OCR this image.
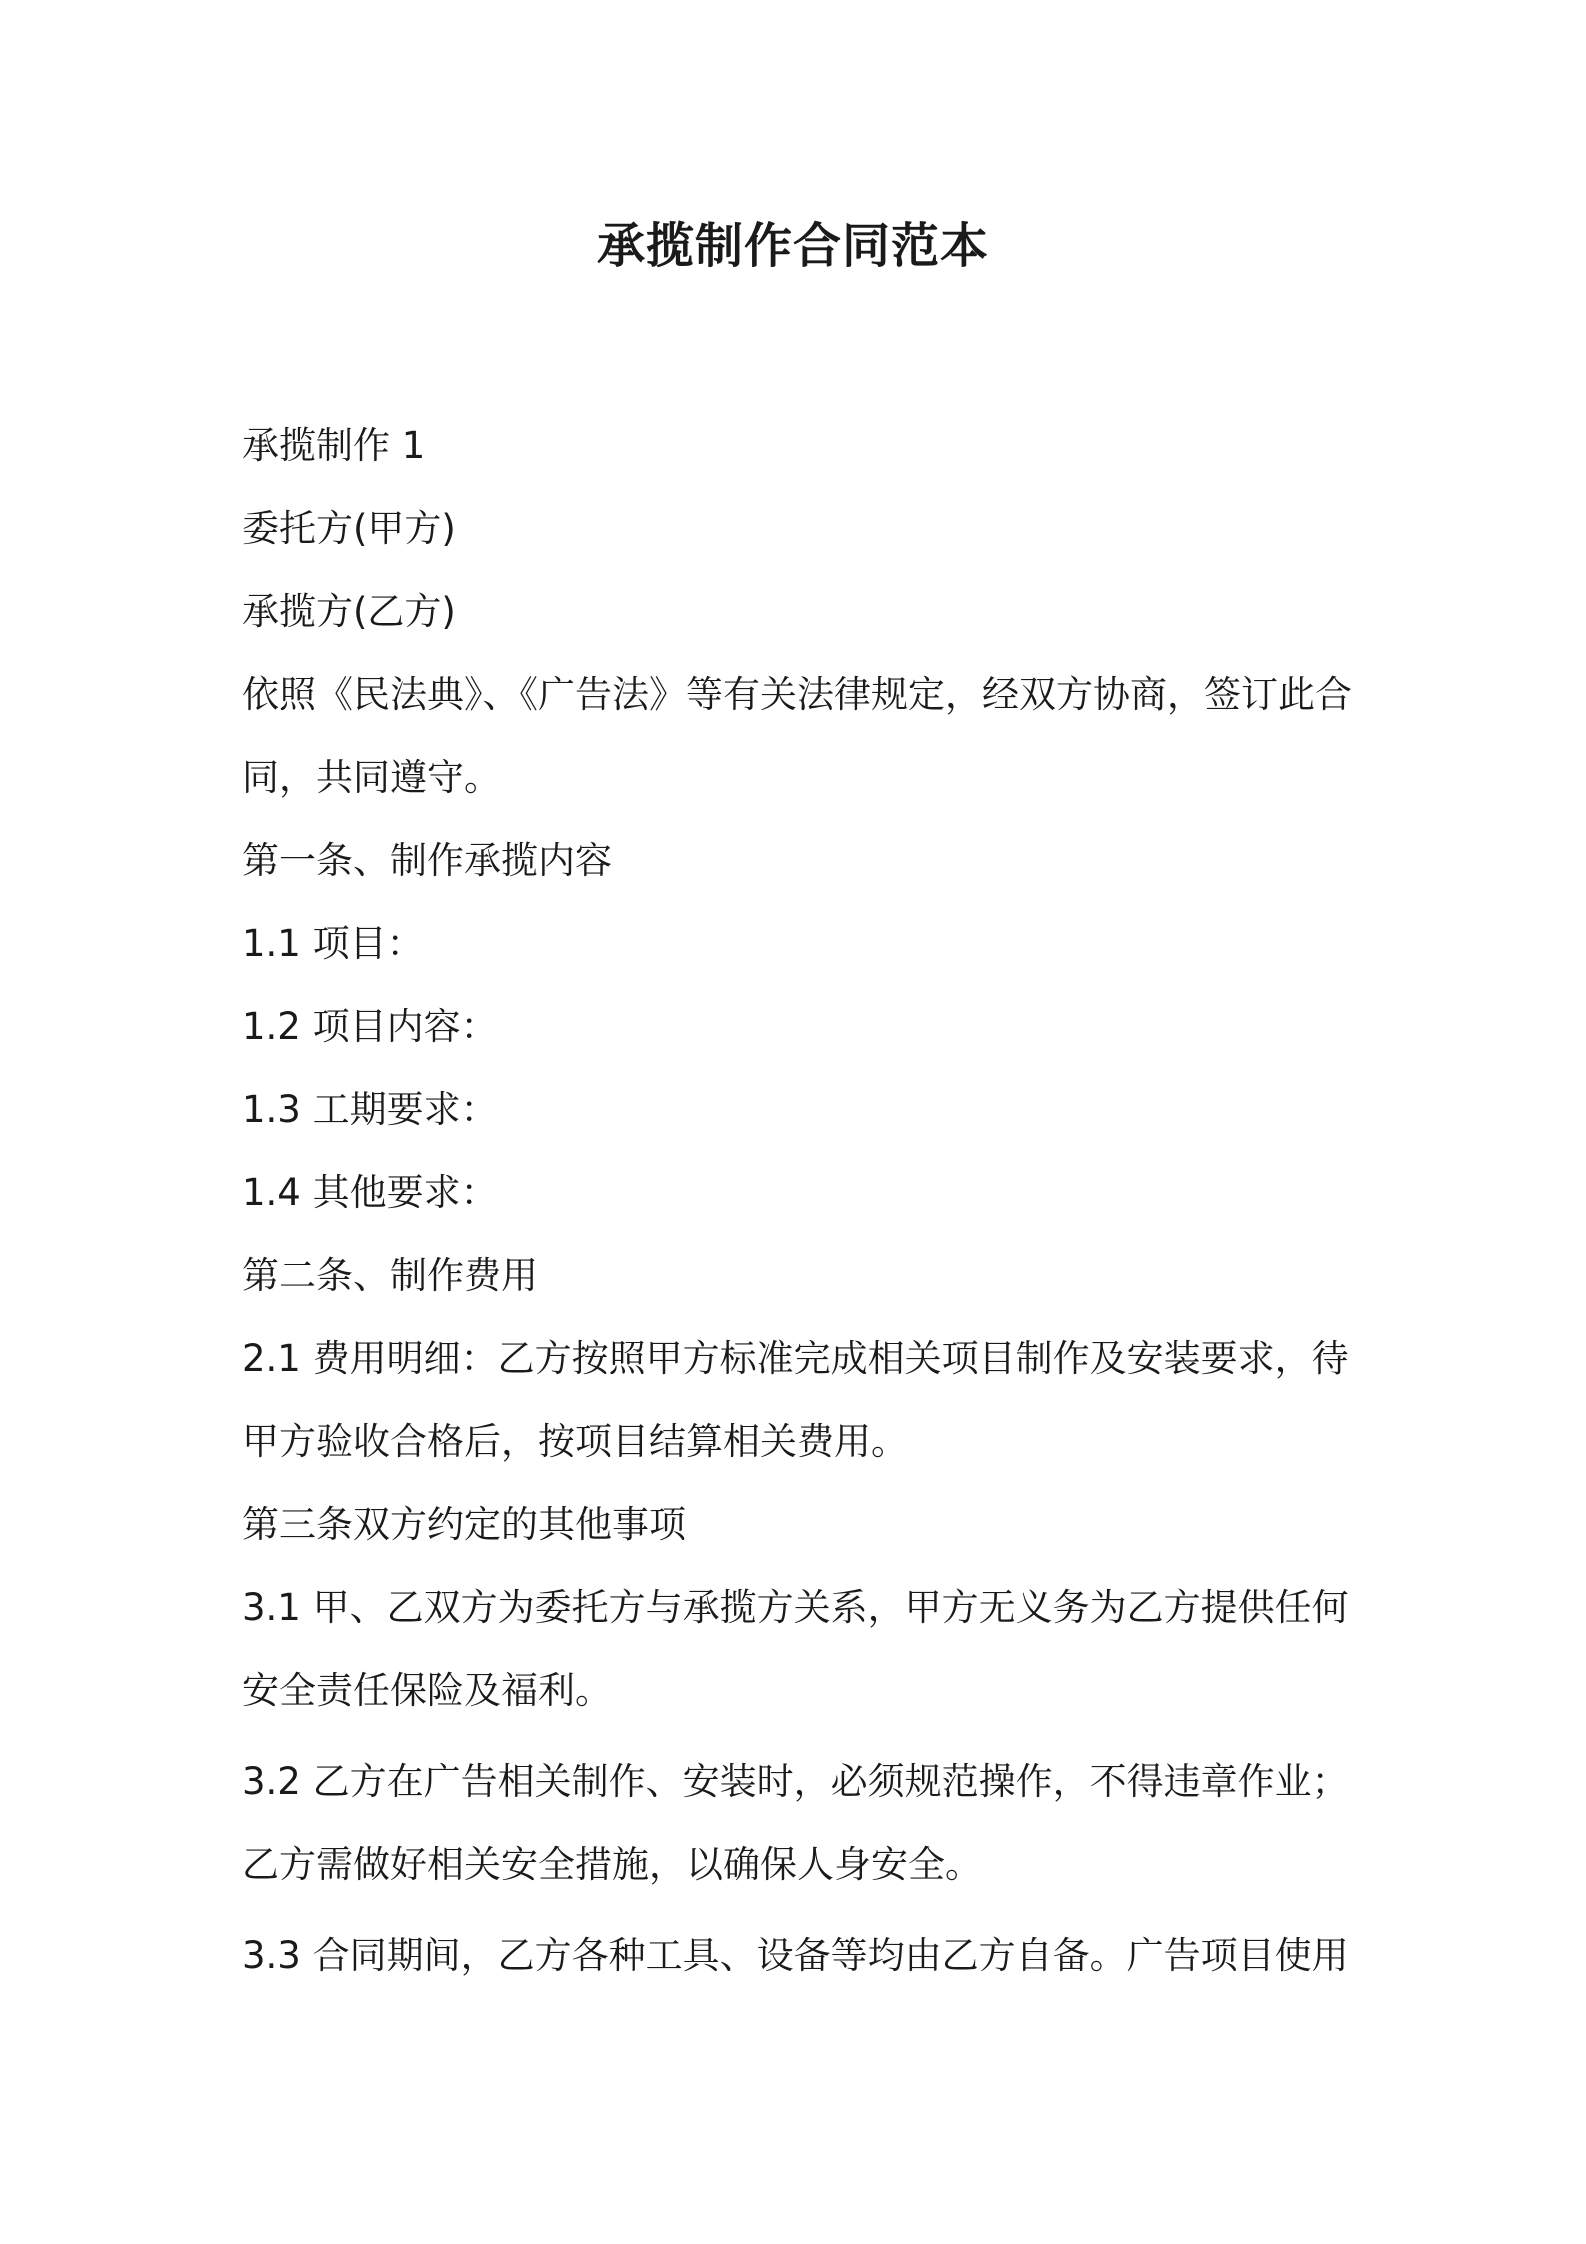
承揽制作合同范本
承揽制作 1
委托方(甲方)
承揽方(乙方)
依照《民法典》、《广告法》等有关法律规定，经双方协商，签订此合
同，共同遵守。
第一条、制作承揽内容
1.1 项目：
1.2 项目内容：
1.3 工期要求：
1.4 其他要求：
第二条、制作费用
2.1 费用明细：乙方按照甲方标准完成相关项目制作及安装要求，待
甲方验收合格后，按项目结算相关费用。
第三条双方约定的其他事项
3.1 甲、乙双方为委托方与承揽方关系，甲方无义务为乙方提供任何
安全责任保险及福利。
3.2 乙方在广告相关制作、安装时，必须规范操作，不得违章作业；
乙方需做好相关安全措施，以确保人身安全。
3.3 合同期间，乙方各种工具、设备等均由乙方自备。广告项目使用
